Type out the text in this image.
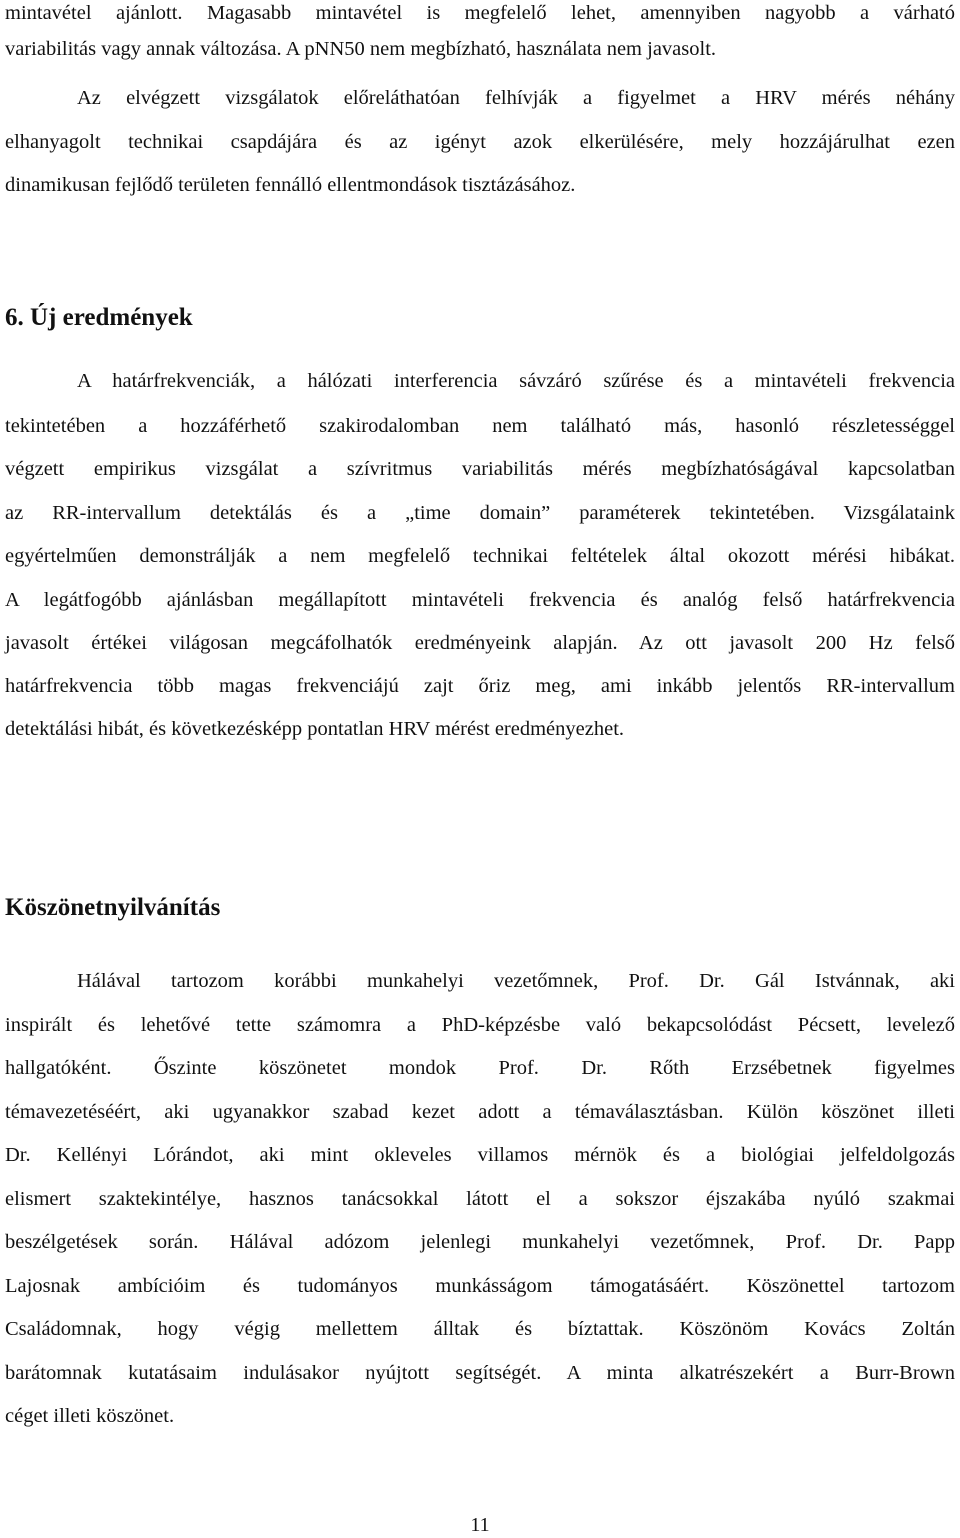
mintavétel ajánlott. Magasabb mintavétel is megfelelő lehet, amennyiben nagyobb a várható
variabilitás vagy annak változása. A pNN50 nem megbízható, használata nem javasolt.
Az elvégzett vizsgálatok előreláthatóan felhívják a figyelmet a HRV mérés néhány
elhanyagolt technikai csapdájára és az igényt azok elkerülésére, mely hozzájárulhat ezen
dinamikusan fejlődő területen fennálló ellentmondások tisztázásához.
6. Új eredmények
A határfrekvenciák, a hálózati interferencia sávzáró szűrése és a mintavételi frekvencia
tekintetében a hozzáférhető szakirodalomban nem található más, hasonló részletességgel
végzett empirikus vizsgálat a szívritmus variabilitás mérés megbízhatóságával kapcsolatban
az RR-intervallum detektálás és a „time domain” paraméterek tekintetében. Vizsgálataink
egyértelműen demonstrálják a nem megfelelő technikai feltételek által okozott mérési hibákat.
A legátfogóbb ajánlásban megállapított mintavételi frekvencia és analóg felső határfrekvencia
javasolt értékei világosan megcáfolhatók eredményeink alapján. Az ott javasolt 200 Hz felső
határfrekvencia több magas frekvenciájú zajt őriz meg, ami inkább jelentős RR-intervallum
detektálási hibát, és következésképp pontatlan HRV mérést eredményezhet.
Köszönetnyilvánítás
Hálával tartozom korábbi munkahelyi vezetőmnek, Prof. Dr. Gál Istvánnak, aki
inspirált és lehetővé tette számomra a PhD-képzésbe való bekapcsolódást Pécsett, levelező
hallgatóként. Őszinte köszönetet mondok Prof. Dr. Rőth Erzsébetnek figyelmes
témavezetéséért, aki ugyanakkor szabad kezet adott a témaválasztásban. Külön köszönet illeti
Dr. Kellényi Lórándot, aki mint okleveles villamos mérnök és a biológiai jelfeldolgozás
elismert szaktekintélye, hasznos tanácsokkal látott el a sokszor éjszakába nyúló szakmai
beszélgetések során. Hálával adózom jelenlegi munkahelyi vezetőmnek, Prof. Dr. Papp
Lajosnak ambícióim és tudományos munkásságom támogatásáért. Köszönettel tartozom
Családomnak, hogy végig mellettem álltak és bíztattak. Köszönöm Kovács Zoltán
barátomnak kutatásaim indulásakor nyújtott segítségét. A minta alkatrészekért a Burr-Brown
céget illeti köszönet.
11
